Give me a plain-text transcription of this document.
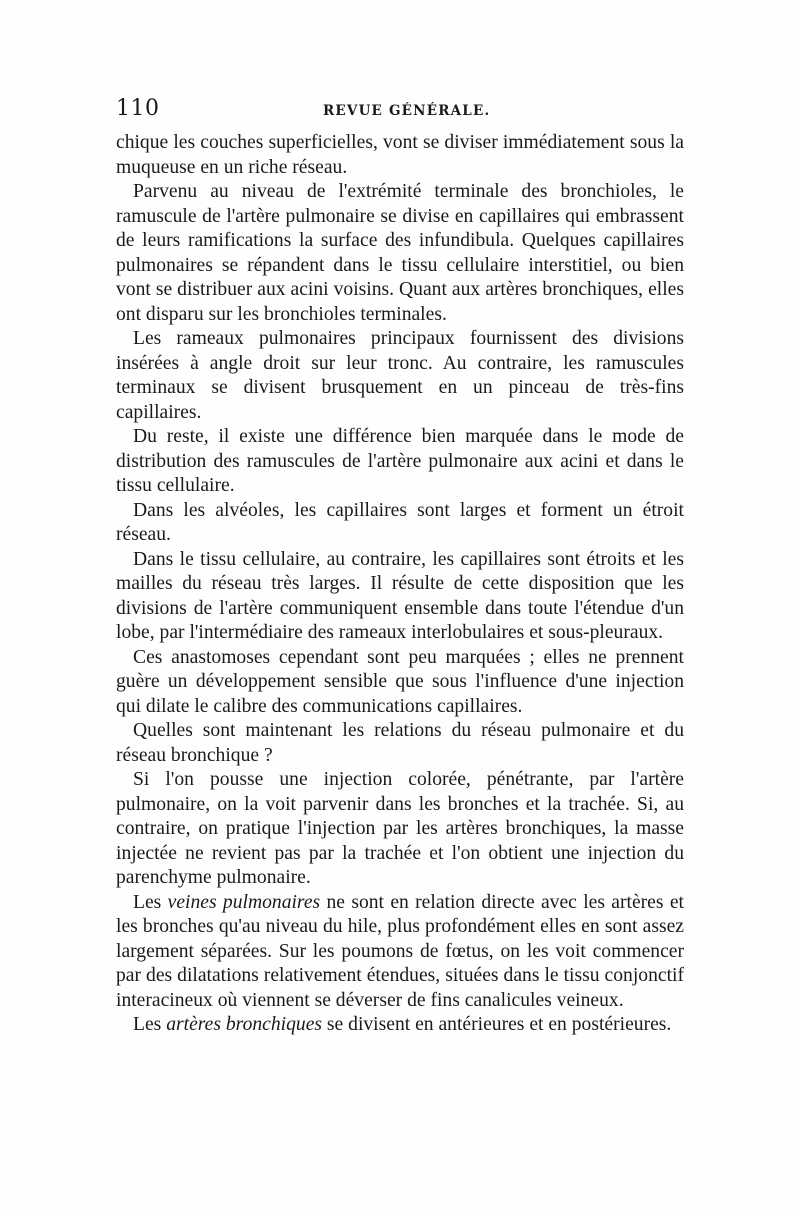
110	REVUE GÉNÉRALE.

chique les couches superficielles, vont se diviser immédiatement sous la muqueuse en un riche réseau.

Parvenu au niveau de l'extrémité terminale des bronchioles, le ramuscule de l'artère pulmonaire se divise en capillaires qui embrassent de leurs ramifications la surface des infundibula. Quelques capillaires pulmonaires se répandent dans le tissu cellulaire interstitiel, ou bien vont se distribuer aux acini voisins. Quant aux artères bronchiques, elles ont disparu sur les bronchioles terminales.

Les rameaux pulmonaires principaux fournissent des divisions insérées à angle droit sur leur tronc. Au contraire, les ramuscules terminaux se divisent brusquement en un pinceau de très-fins capillaires.

Du reste, il existe une différence bien marquée dans le mode de distribution des ramuscules de l'artère pulmonaire aux acini et dans le tissu cellulaire.

Dans les alvéoles, les capillaires sont larges et forment un étroit réseau.

Dans le tissu cellulaire, au contraire, les capillaires sont étroits et les mailles du réseau très larges. Il résulte de cette disposition que les divisions de l'artère communiquent ensemble dans toute l'étendue d'un lobe, par l'intermédiaire des rameaux interlobulaires et sous-pleuraux.

Ces anastomoses cependant sont peu marquées ; elles ne prennent guère un développement sensible que sous l'influence d'une injection qui dilate le calibre des communications capillaires.

Quelles sont maintenant les relations du réseau pulmonaire et du réseau bronchique ?

Si l'on pousse une injection colorée, pénétrante, par l'artère pulmonaire, on la voit parvenir dans les bronches et la trachée. Si, au contraire, on pratique l'injection par les artères bronchiques, la masse injectée ne revient pas par la trachée et l'on obtient une injection du parenchyme pulmonaire.

Les veines pulmonaires ne sont en relation directe avec les artères et les bronches qu'au niveau du hile, plus profondément elles en sont assez largement séparées. Sur les poumons de fœtus, on les voit commencer par des dilatations relativement étendues, situées dans le tissu conjonctif interacineux où viennent se déverser de fins canalicules veineux.

Les artères bronchiques se divisent en antérieures et en postérieures.
